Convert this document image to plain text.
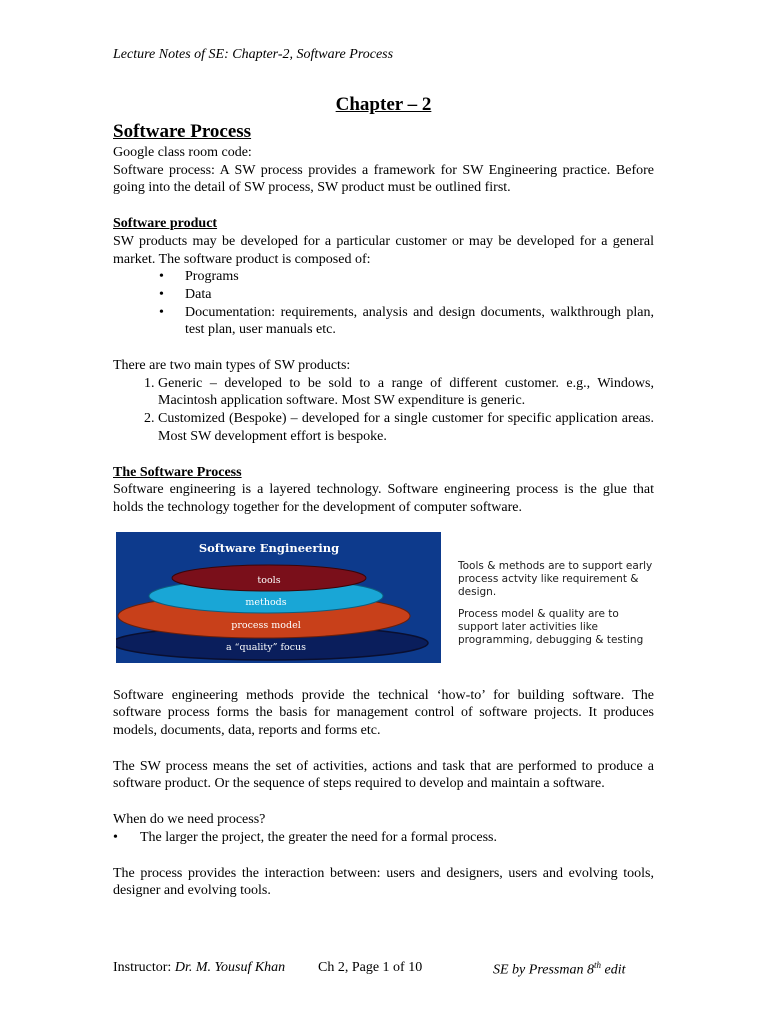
Lecture Notes of SE: Chapter-2, Software Process
Chapter – 2
Software Process

Google class room code:

Software process: A SW process provides a framework for SW Engineering practice. Before going into the detail of SW process, SW product must be outlined first.

Software product

SW products may be developed for a particular customer or may be developed for a general market. The software product is composed of:

• Programs
• Data
• Documentation: requirements, analysis and design documents, walkthrough plan, test plan, user manuals etc.

There are two main types of SW products:

1. Generic – developed to be sold to a range of different customer. e.g., Windows, Macintosh application software. Most SW expenditure is generic.
2. Customized (Bespoke) – developed for a single customer for specific application areas. Most SW development effort is bespoke.

The Software Process

Software engineering is a layered technology. Software engineering process is the glue that holds the technology together for the development of computer software.

Software Engineering
tools
methods
process model
a “quality” focus
Tools & methods are to support early
process actvity like requirement &
design.
Process model & quality are to
support later activities like
programming, debugging & testing

Software engineering methods provide the technical ‘how-to’ for building software. The software process forms the basis for management control of software projects. It produces models, documents, data, reports and forms etc.

The SW process means the set of activities, actions and task that are performed to produce a software product. Or the sequence of steps required to develop and maintain a software.

When do we need process?

• The larger the project, the greater the need for a formal process.

The process provides the interaction between: users and designers, users and evolving tools, designer and evolving tools.

Instructor: Dr. M. Yousuf Khan Ch 2, Page 1 of 10	SE by Pressman 8th edit
